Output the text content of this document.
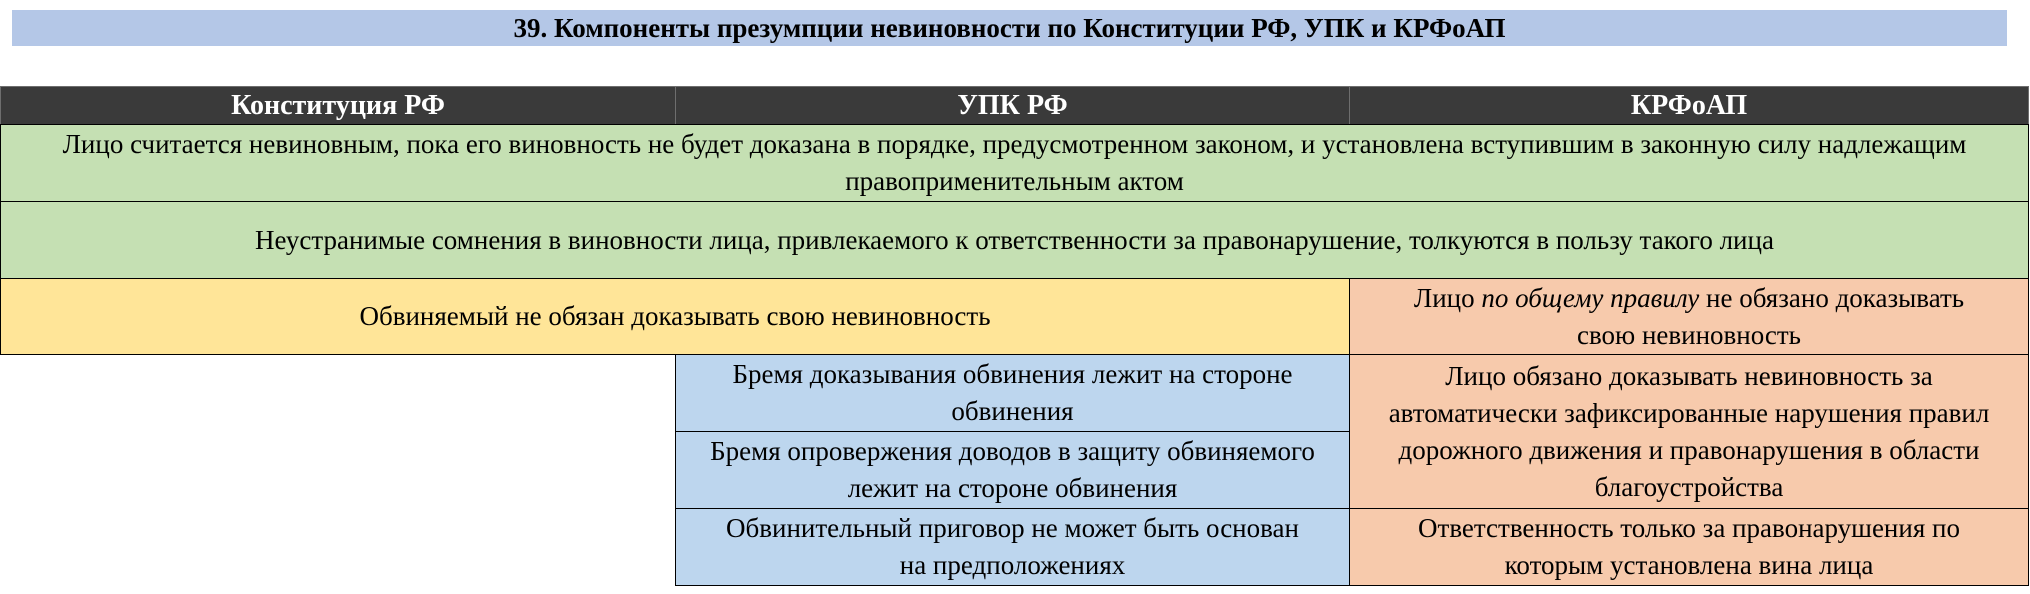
39. Компоненты презумпции невиновности по Конституции РФ, УПК и КРФоАП
Конституция РФ	УПК РФ	КРФоАП
Лицо считается невиновным, пока его виновность не будет доказана в порядке, предусмотренном законом, и установлена вступившим в законную силу надлежащим правоприменительным актом
Неустранимые сомнения в виновности лица, привлекаемого к ответственности за правонарушение, толкуются в пользу такого лица
Обвиняемый не обязан доказывать свою невиновность
Лицо по общему правилу не обязано доказывать свою невиновность
Бремя доказывания обвинения лежит на стороне обвинения
Бремя опровержения доводов в защиту обвиняемого лежит на стороне обвинения
Обвинительный приговор не может быть основан на предположениях
Лицо обязано доказывать невиновность за автоматически зафиксированные нарушения правил дорожного движения и правонарушения в области благоустройства
Ответственность только за правонарушения по которым установлена вина лица
